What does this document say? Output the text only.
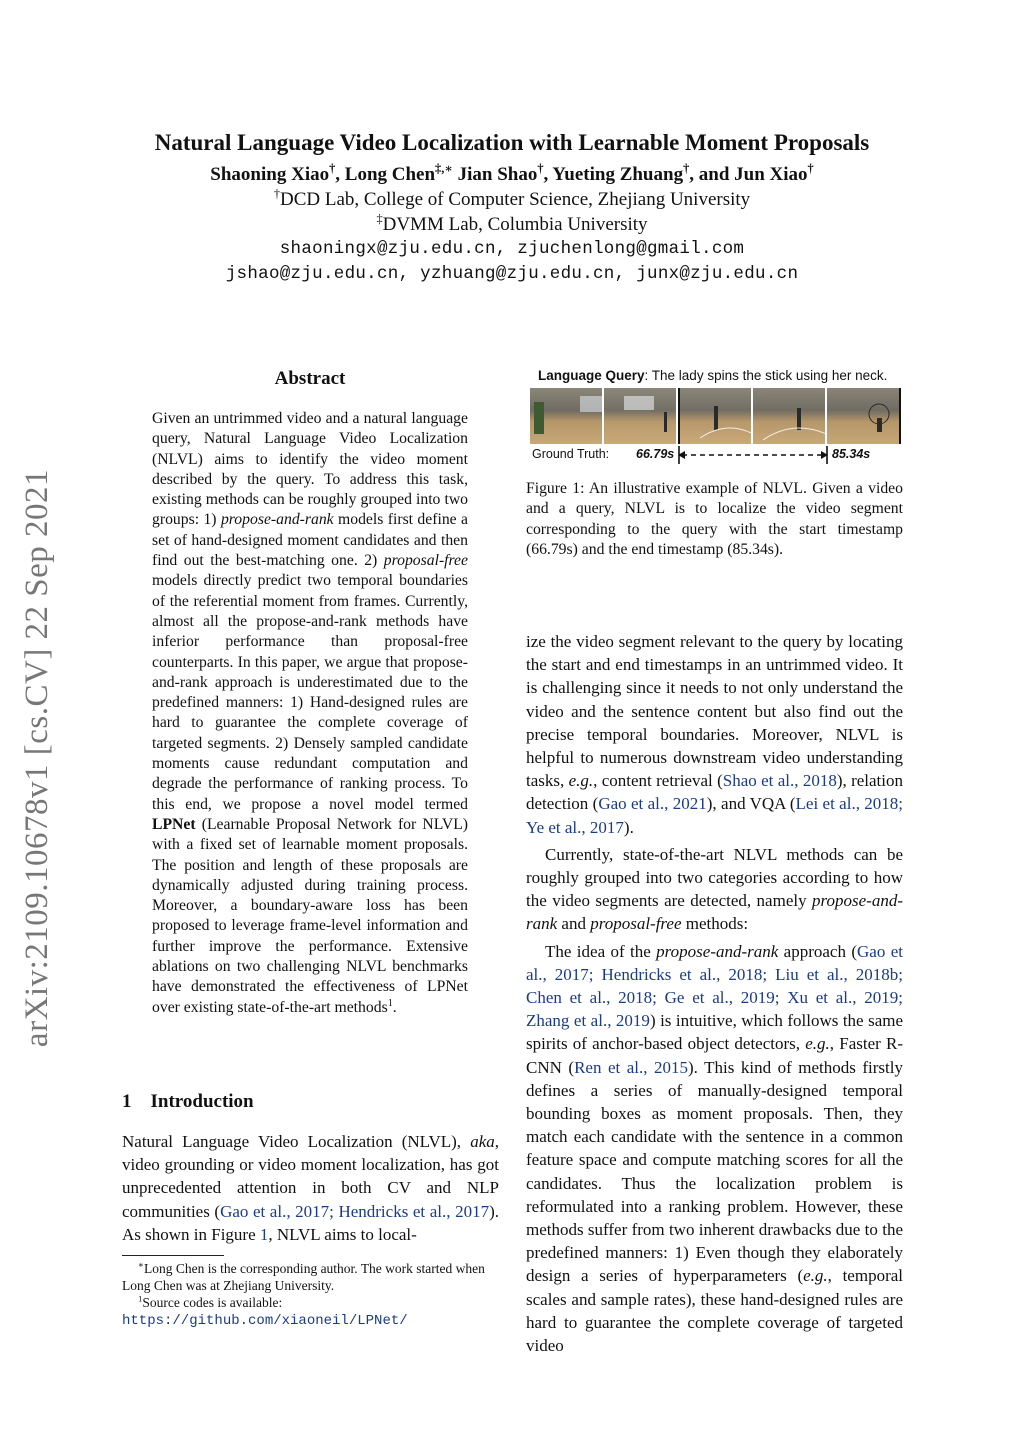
Natural Language Video Localization with Learnable Moment Proposals
Shaoning Xiao†, Long Chen‡,∗ Jian Shao†, Yueting Zhuang†, and Jun Xiao†
†DCD Lab, College of Computer Science, Zhejiang University
‡DVMM Lab, Columbia University
shaoningx@zju.edu.cn, zjuchenlong@gmail.com
jshao@zju.edu.cn, yzhuang@zju.edu.cn, junx@zju.edu.cn
arXiv:2109.10678v1 [cs.CV] 22 Sep 2021
Abstract
Given an untrimmed video and a natural language query, Natural Language Video Localization (NLVL) aims to identify the video moment described by the query. To address this task, existing methods can be roughly grouped into two groups: 1) propose-and-rank models first define a set of hand-designed moment candidates and then find out the best-matching one. 2) proposal-free models directly predict two temporal boundaries of the referential moment from frames. Currently, almost all the propose-and-rank methods have inferior performance than proposal-free counterparts. In this paper, we argue that propose-and-rank approach is underestimated due to the predefined manners: 1) Hand-designed rules are hard to guarantee the complete coverage of targeted segments. 2) Densely sampled candidate moments cause redundant computation and degrade the performance of ranking process. To this end, we propose a novel model termed LPNet (Learnable Proposal Network for NLVL) with a fixed set of learnable moment proposals. The position and length of these proposals are dynamically adjusted during training process. Moreover, a boundary-aware loss has been proposed to leverage frame-level information and further improve the performance. Extensive ablations on two challenging NLVL benchmarks have demonstrated the effectiveness of LPNet over existing state-of-the-art methods$^1$.
1 Introduction
Natural Language Video Localization (NLVL), aka, video grounding or video moment localization, has got unprecedented attention in both CV and NLP communities (Gao et al., 2017; Hendricks et al., 2017). As shown in Figure 1, NLVL aims to local-
∗Long Chen is the corresponding author. The work started when Long Chen was at Zhejiang University.
$^1$Source codes is available: https://github.com/xiaoneil/LPNet/
Language Query: The lady spins the stick using her neck.
Ground Truth: 66.79s	85.34s
Figure 1: An illustrative example of NLVL. Given a video and a query, NLVL is to localize the video segment corresponding to the query with the start timestamp (66.79s) and the end timestamp (85.34s).

ize the video segment relevant to the query by locating the start and end timestamps in an untrimmed video. It is challenging since it needs to not only understand the video and the sentence content but also find out the precise temporal boundaries. Moreover, NLVL is helpful to numerous downstream video understanding tasks, e.g., content retrieval (Shao et al., 2018), relation detection (Gao et al., 2021), and VQA (Lei et al., 2018; Ye et al., 2017).

Currently, state-of-the-art NLVL methods can be roughly grouped into two categories according to how the video segments are detected, namely propose-and-rank and proposal-free methods:

The idea of the propose-and-rank approach (Gao et al., 2017; Hendricks et al., 2018; Liu et al., 2018b; Chen et al., 2018; Ge et al., 2019; Xu et al., 2019; Zhang et al., 2019) is intuitive, which follows the same spirits of anchor-based object detectors, e.g., Faster R-CNN (Ren et al., 2015). This kind of methods firstly defines a series of manually-designed temporal bounding boxes as moment proposals. Then, they match each candidate with the sentence in a common feature space and compute matching scores for all the candidates. Thus the localization problem is reformulated into a ranking problem. However, these methods suffer from two inherent drawbacks due to the predefined manners: 1) Even though they elaborately design a series of hyperparameters (e.g., temporal scales and sample rates), these hand-designed rules are hard to guarantee the complete coverage of targeted video
